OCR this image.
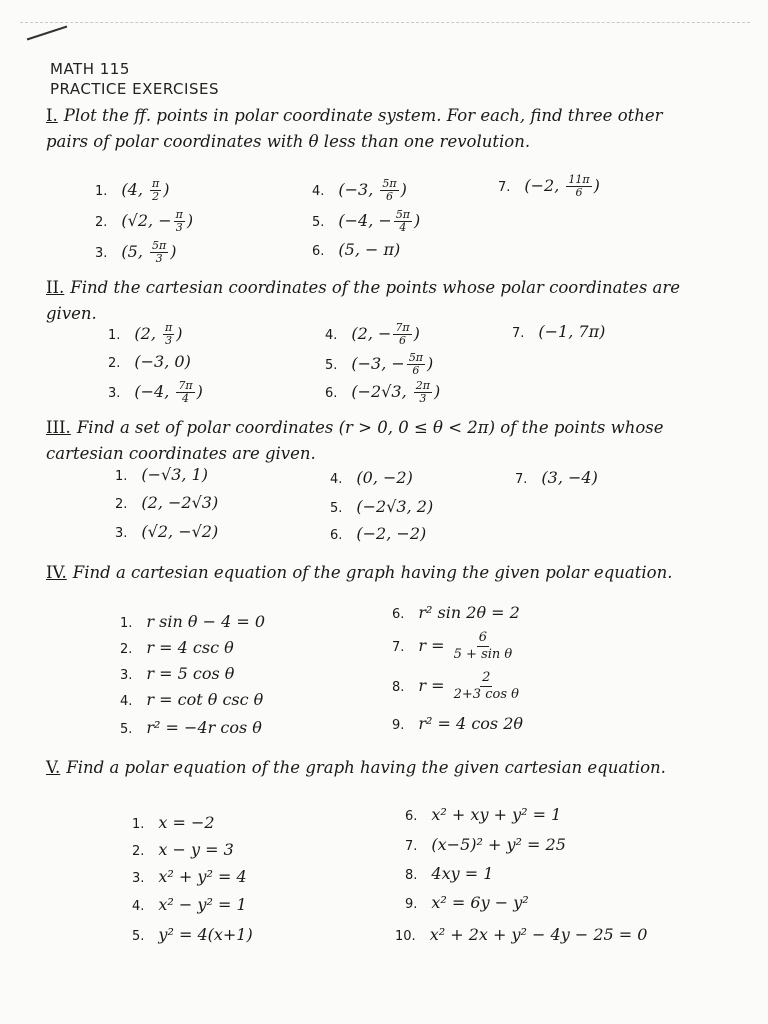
MATH 115
PRACTICE EXERCISES
I. Plot the ff. points in polar coordinate system. For each, find three other pairs of polar coordinates with θ less than one revolution.
1. (4, $\frac{\pi}{2}$ )
2. (√2, − $\frac{\pi}{3}$ )
3. (5, $\frac{5\pi}{3}$ )
4. (−3, $\frac{5\pi}{6}$ )
5. (−4, − $\frac{5\pi}{4}$ )
6. (5, − π)
7. (−2, $\frac{11\pi}{6}$ )
II. Find the cartesian coordinates of the points whose polar coordinates are given.
1. (2, $\frac{\pi}{3}$ )
2. (−3, 0)
3. (−4, $\frac{7\pi}{4}$ )
4. (2, − $\frac{7\pi}{6}$ )
5. (−3, − $\frac{5\pi}{6}$ )
6. (−2√3, $\frac{2\pi}{3}$ )
7. (−1, 7π)
III. Find a set of polar coordinates (r > 0, 0 ≤ θ < 2π) of the points whose cartesian coordinates are given.
1. (−√3, 1)
2. (2, −2√3)
3. (√2, −√2)
4. (0, −2)
5. (−2√3, 2)
6. (−2, −2)
7. (3, −4)
IV. Find a cartesian equation of the graph having the given polar equation.
1. r sin θ − 4 = 0
2. r = 4 csc θ
3. r = 5 cos θ
4. r = cot θ csc θ
5. r² = −4r cos θ
6. r² sin 2θ = 2
7. $r = \frac{6}{\text{5 + sin θ}}$
8. $r = \frac{2}{\text{2+3 cos θ}}$
9. r² = 4 cos 2θ
V. Find a polar equation of the graph having the given cartesian equation.
1. x = −2
2. x − y = 3
3. x² + y² = 4
4. x² − y² = 1
5. y² = 4(x+1)
6. x² + xy + y² = 1
7. (x−5)² + y² = 25
8. 4xy = 1
9. x² = 6y − y²
10. x² + 2x + y² − 4y − 25 = 0
